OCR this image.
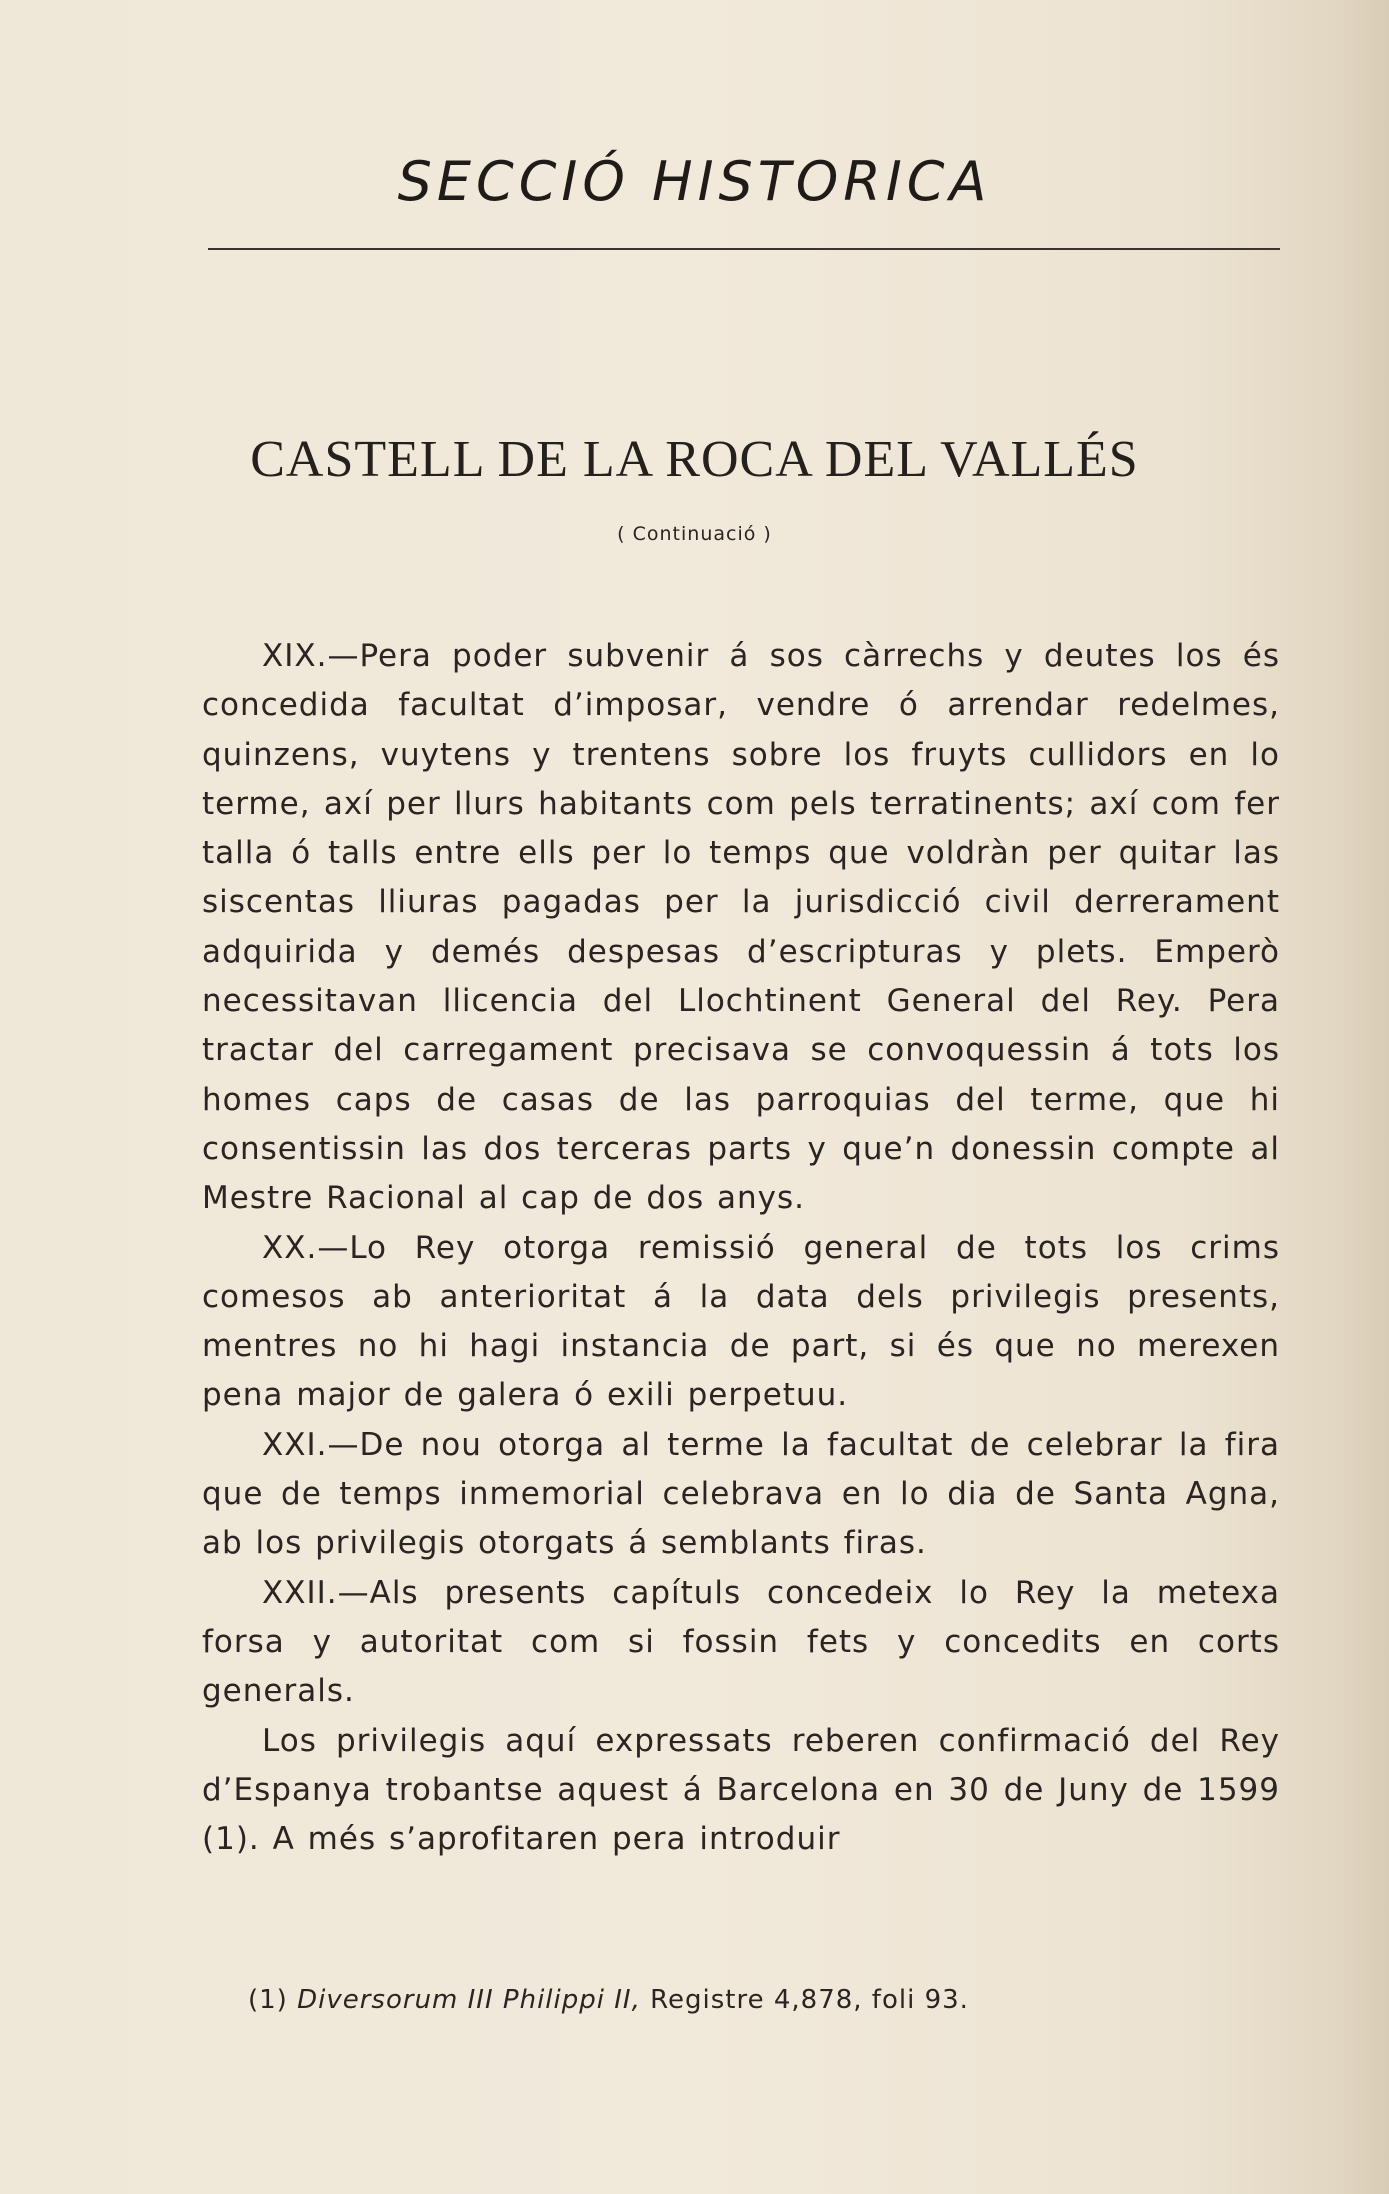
SECCIÓ HISTORICA
CASTELL DE LA ROCA DEL VALLÉS
( Continuació )

XIX.—Pera poder subvenir á sos càrrechs y deutes los és concedida facultat d’imposar, vendre ó arrendar redelmes, quinzens, vuytens y trentens sobre los fruyts cullidors en lo terme, axí per llurs habitants com pels terratinents; axí com fer talla ó talls entre ells per lo temps que voldràn per quitar las siscentas lliuras pagadas per la jurisdicció civil derrerament adquirida y demés despesas d’escripturas y plets. Emperò necessitavan llicencia del Llochtinent General del Rey. Pera tractar del carregament precisava se convoquessin á tots los homes caps de casas de las parroquias del terme, que hi consentissin las dos terceras parts y que’n donessin compte al Mestre Racional al cap de dos anys.

XX.—Lo Rey otorga remissió general de tots los crims comesos ab anterioritat á la data dels privilegis presents, mentres no hi hagi instancia de part, si és que no merexen pena major de galera ó exili perpetuu.

XXI.—De nou otorga al terme la facultat de celebrar la fira que de temps inmemorial celebrava en lo dia de Santa Agna, ab los privilegis otorgats á semblants firas.

XXII.—Als presents capítuls concedeix lo Rey la metexa forsa y autoritat com si fossin fets y concedits en corts generals.

Los privilegis aquí expressats reberen confirmació del Rey d’Espanya trobantse aquest á Barcelona en 30 de Juny de 1599 (1). A més s’aprofitaren pera introduir

(1) Diversorum III Philippi II, Registre 4,878, foli 93.
